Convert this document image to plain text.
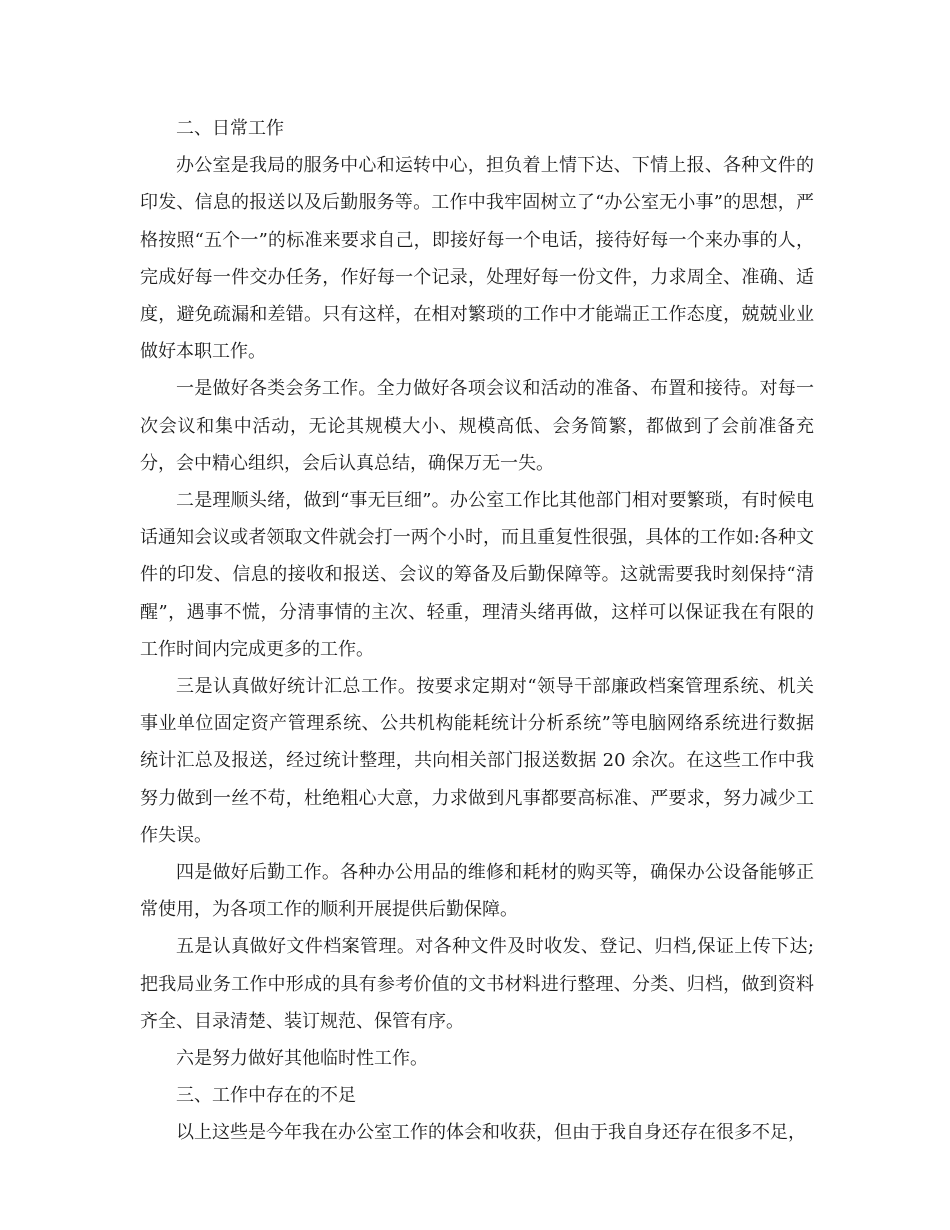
二、日常工作

办公室是我局的服务中心和运转中心，担负着上情下达、下情上报、各种文件的印发、信息的报送以及后勤服务等。工作中我牢固树立了“办公室无小事”的思想，严格按照“五个一”的标准来要求自己，即接好每一个电话，接待好每一个来办事的人，完成好每一件交办任务，作好每一个记录，处理好每一份文件，力求周全、准确、适度，避免疏漏和差错。只有这样，在相对繁琐的工作中才能端正工作态度，兢兢业业做好本职工作。

一是做好各类会务工作。全力做好各项会议和活动的准备、布置和接待。对每一次会议和集中活动，无论其规模大小、规模高低、会务简繁，都做到了会前准备充分，会中精心组织，会后认真总结，确保万无一失。

二是理顺头绪，做到“事无巨细”。办公室工作比其他部门相对要繁琐，有时候电话通知会议或者领取文件就会打一两个小时，而且重复性很强，具体的工作如:各种文件的印发、信息的接收和报送、会议的筹备及后勤保障等。这就需要我时刻保持“清醒”，遇事不慌，分清事情的主次、轻重，理清头绪再做，这样可以保证我在有限的工作时间内完成更多的工作。

三是认真做好统计汇总工作。按要求定期对“领导干部廉政档案管理系统、机关事业单位固定资产管理系统、公共机构能耗统计分析系统”等电脑网络系统进行数据统计汇总及报送，经过统计整理，共向相关部门报送数据 20 余次。在这些工作中我努力做到一丝不苟，杜绝粗心大意，力求做到凡事都要高标准、严要求，努力减少工作失误。

四是做好后勤工作。各种办公用品的维修和耗材的购买等，确保办公设备能够正常使用，为各项工作的顺利开展提供后勤保障。

五是认真做好文件档案管理。对各种文件及时收发、登记、归档,保证上传下达;把我局业务工作中形成的具有参考价值的文书材料进行整理、分类、归档，做到资料齐全、目录清楚、装订规范、保管有序。

六是努力做好其他临时性工作。

三、工作中存在的不足

以上这些是今年我在办公室工作的体会和收获，但由于我自身还存在很多不足，
